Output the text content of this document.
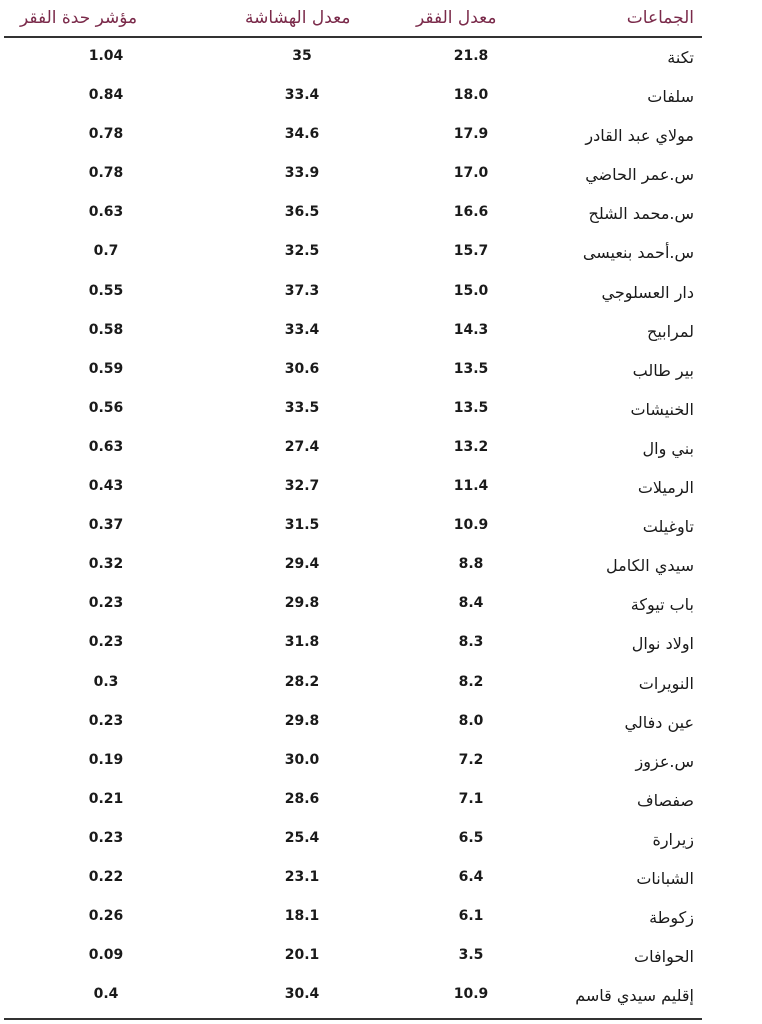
الجماعات
معدل الفقر
معدل الهشاشة
مؤشر حدة الفقر
تكنة
21.8
35
1.04
سلفات
18.0
33.4
0.84
مولاي عبد القادر
17.9
34.6
0.78
س.عمر الحاضي
17.0
33.9
0.78
س.محمد الشلح
16.6
36.5
0.63
س.أحمد بنعيسى
15.7
32.5
0.7
دار العسلوجي
15.0
37.3
0.55
لمرابيح
14.3
33.4
0.58
بير طالب
13.5
30.6
0.59
الخنيشات
13.5
33.5
0.56
بني وال
13.2
27.4
0.63
الرميلات
11.4
32.7
0.43
تاوغيلت
10.9
31.5
0.37
سيدي الكامل
8.8
29.4
0.32
باب تيوكة
8.4
29.8
0.23
اولاد نوال
8.3
31.8
0.23
النويرات
8.2
28.2
0.3
عين دفالي
8.0
29.8
0.23
س.عزوز
7.2
30.0
0.19
صفصاف
7.1
28.6
0.21
زيرارة
6.5
25.4
0.23
الشبانات
6.4
23.1
0.22
زكوطة
6.1
18.1
0.26
الحوافات
3.5
20.1
0.09
إقليم سيدي قاسم
10.9
30.4
0.4
